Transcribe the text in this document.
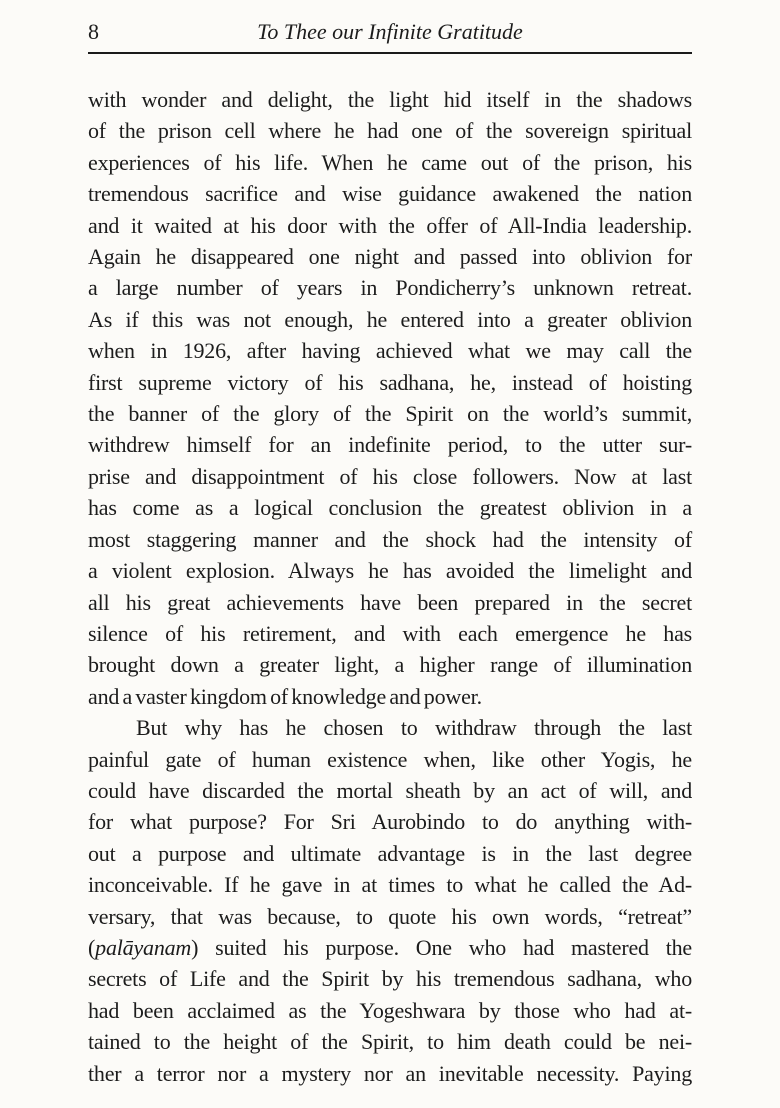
8	To Thee our Infinite Gratitude
with wonder and delight, the light hid itself in the shadows
of the prison cell where he had one of the sovereign spiritual
experiences of his life. When he came out of the prison, his
tremendous sacrifice and wise guidance awakened the nation
and it waited at his door with the offer of All-India leadership.
Again he disappeared one night and passed into oblivion for
a large number of years in Pondicherry’s unknown retreat.
As if this was not enough, he entered into a greater oblivion
when in 1926, after having achieved what we may call the
first supreme victory of his sadhana, he, instead of hoisting
the banner of the glory of the Spirit on the world’s summit,
withdrew himself for an indefinite period, to the utter sur-
prise and disappointment of his close followers. Now at last
has come as a logical conclusion the greatest oblivion in a
most staggering manner and the shock had the intensity of
a violent explosion. Always he has avoided the limelight and
all his great achievements have been prepared in the secret
silence of his retirement, and with each emergence he has
brought down a greater light, a higher range of illumination
and a vaster kingdom of knowledge and power.
But why has he chosen to withdraw through the last
painful gate of human existence when, like other Yogis, he
could have discarded the mortal sheath by an act of will, and
for what purpose? For Sri Aurobindo to do anything with-
out a purpose and ultimate advantage is in the last degree
inconceivable. If he gave in at times to what he called the Ad-
versary, that was because, to quote his own words, “retreat”
(palāyanam) suited his purpose. One who had mastered the
secrets of Life and the Spirit by his tremendous sadhana, who
had been acclaimed as the Yogeshwara by those who had at-
tained to the height of the Spirit, to him death could be nei-
ther a terror nor a mystery nor an inevitable necessity. Paying
